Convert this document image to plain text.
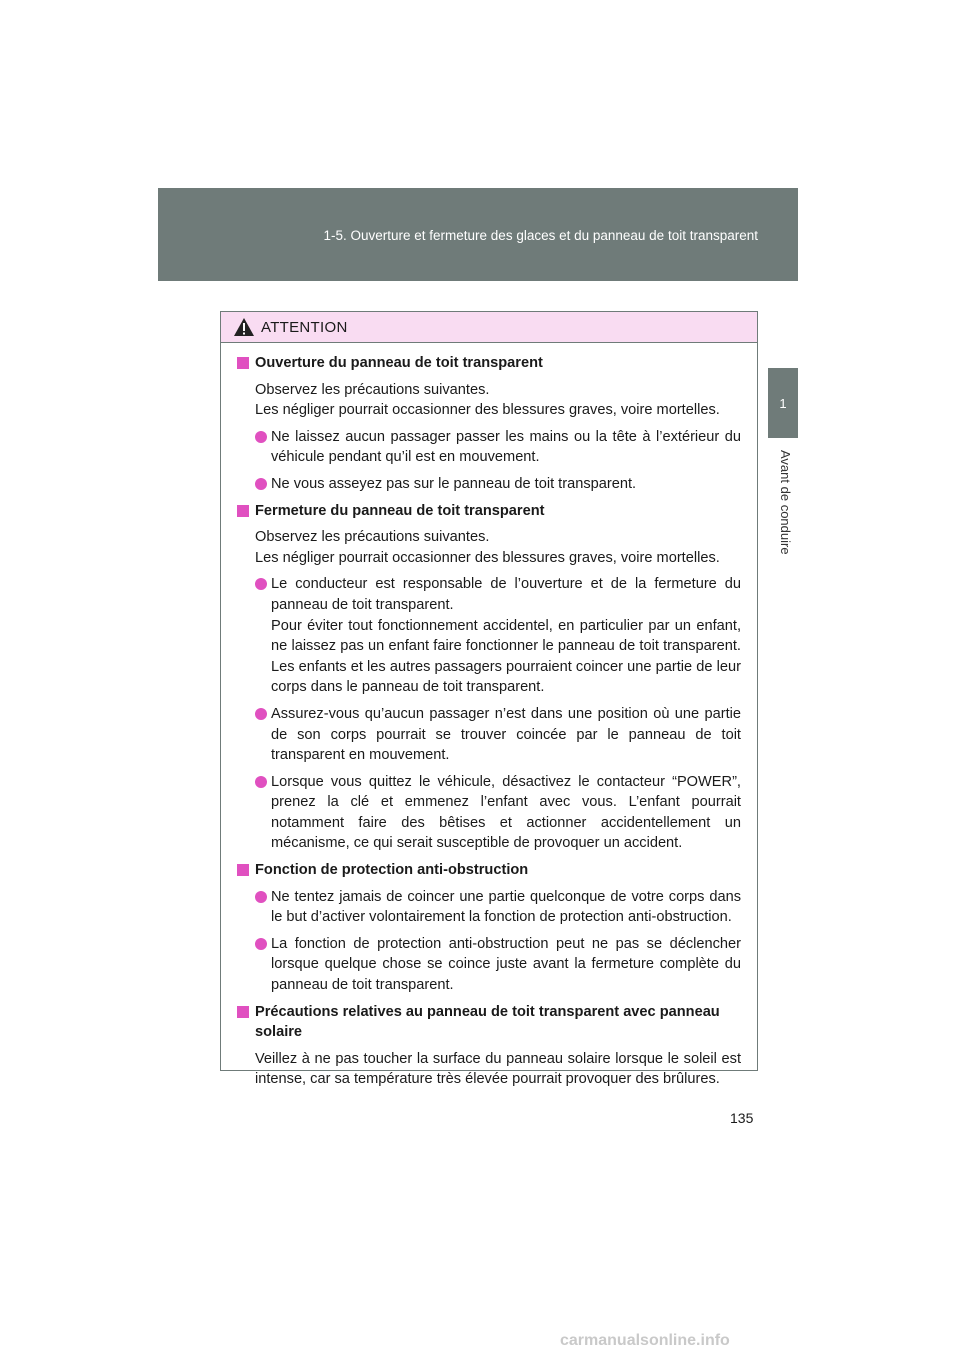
1-5. Ouverture et fermeture des glaces et du panneau de toit transparent
1
Avant de conduire
ATTENTION
Ouverture du panneau de toit transparent

Observez les précautions suivantes.

Les négliger pourrait occasionner des blessures graves, voire mortelles.

Ne laissez aucun passager passer les mains ou la tête à l’extérieur du véhicule pendant qu’il est en mouvement.

Ne vous asseyez pas sur le panneau de toit transparent.

Fermeture du panneau de toit transparent

Observez les précautions suivantes.

Les négliger pourrait occasionner des blessures graves, voire mortelles.

Le conducteur est responsable de l’ouverture et de la fermeture du panneau de toit transparent.

Pour éviter tout fonctionnement accidentel, en particulier par un enfant, ne laissez pas un enfant faire fonctionner le panneau de toit transparent. Les enfants et les autres passagers pourraient coincer une partie de leur corps dans le panneau de toit transparent.

Assurez-vous qu’aucun passager n’est dans une position où une partie de son corps pourrait se trouver coincée par le panneau de toit transparent en mouvement.

Lorsque vous quittez le véhicule, désactivez le contacteur “POWER”, prenez la clé et emmenez l’enfant avec vous. L’enfant pourrait notamment faire des bêtises et actionner accidentellement un mécanisme, ce qui serait susceptible de provoquer un accident.

Fonction de protection anti-obstruction

Ne tentez jamais de coincer une partie quelconque de votre corps dans le but d’activer volontairement la fonction de protection anti-obstruction.

La fonction de protection anti-obstruction peut ne pas se déclencher lorsque quelque chose se coince juste avant la fermeture complète du panneau de toit transparent.

Précautions relatives au panneau de toit transparent avec panneau solaire

Veillez à ne pas toucher la surface du panneau solaire lorsque le soleil est intense, car sa température très élevée pourrait provoquer des brûlures.

135
carmanualsonline.info
